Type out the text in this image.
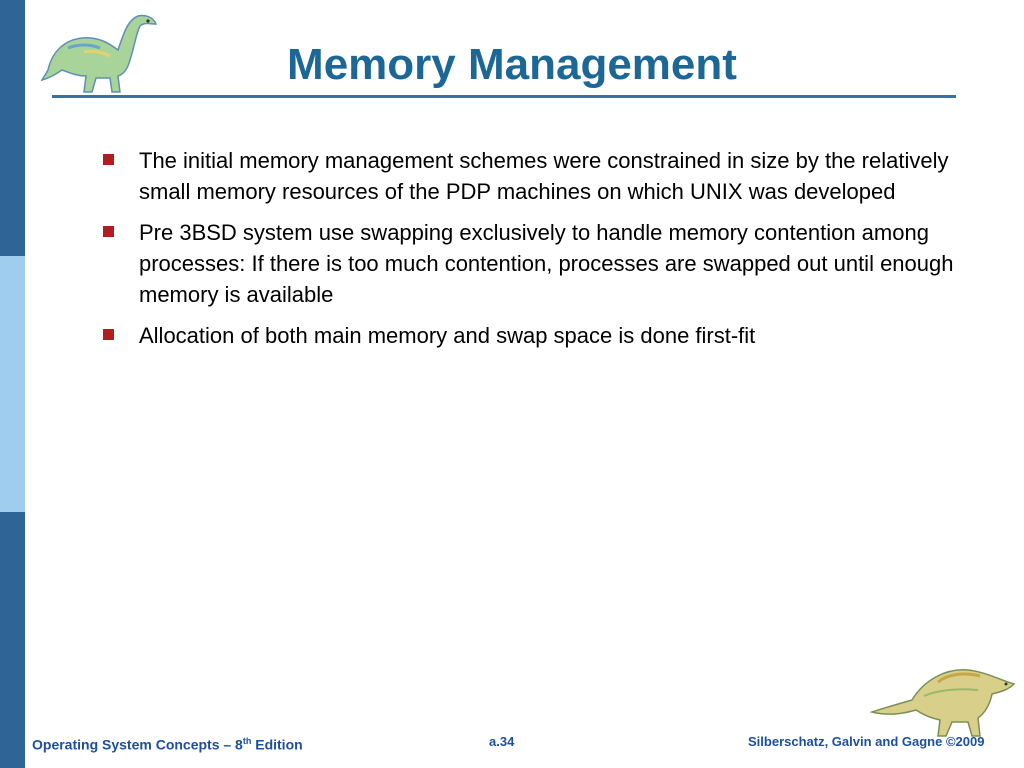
Memory Management
The initial memory management schemes were constrained in size by the relatively small memory resources of the PDP machines on which UNIX was developed
Pre 3BSD system use swapping exclusively to handle memory contention among processes: If there is too much contention, processes are swapped out until enough memory is available
Allocation of both main memory and swap space is done first-fit
Operating System Concepts – 8th Edition	a.34	Silberschatz, Galvin and Gagne ©2009
